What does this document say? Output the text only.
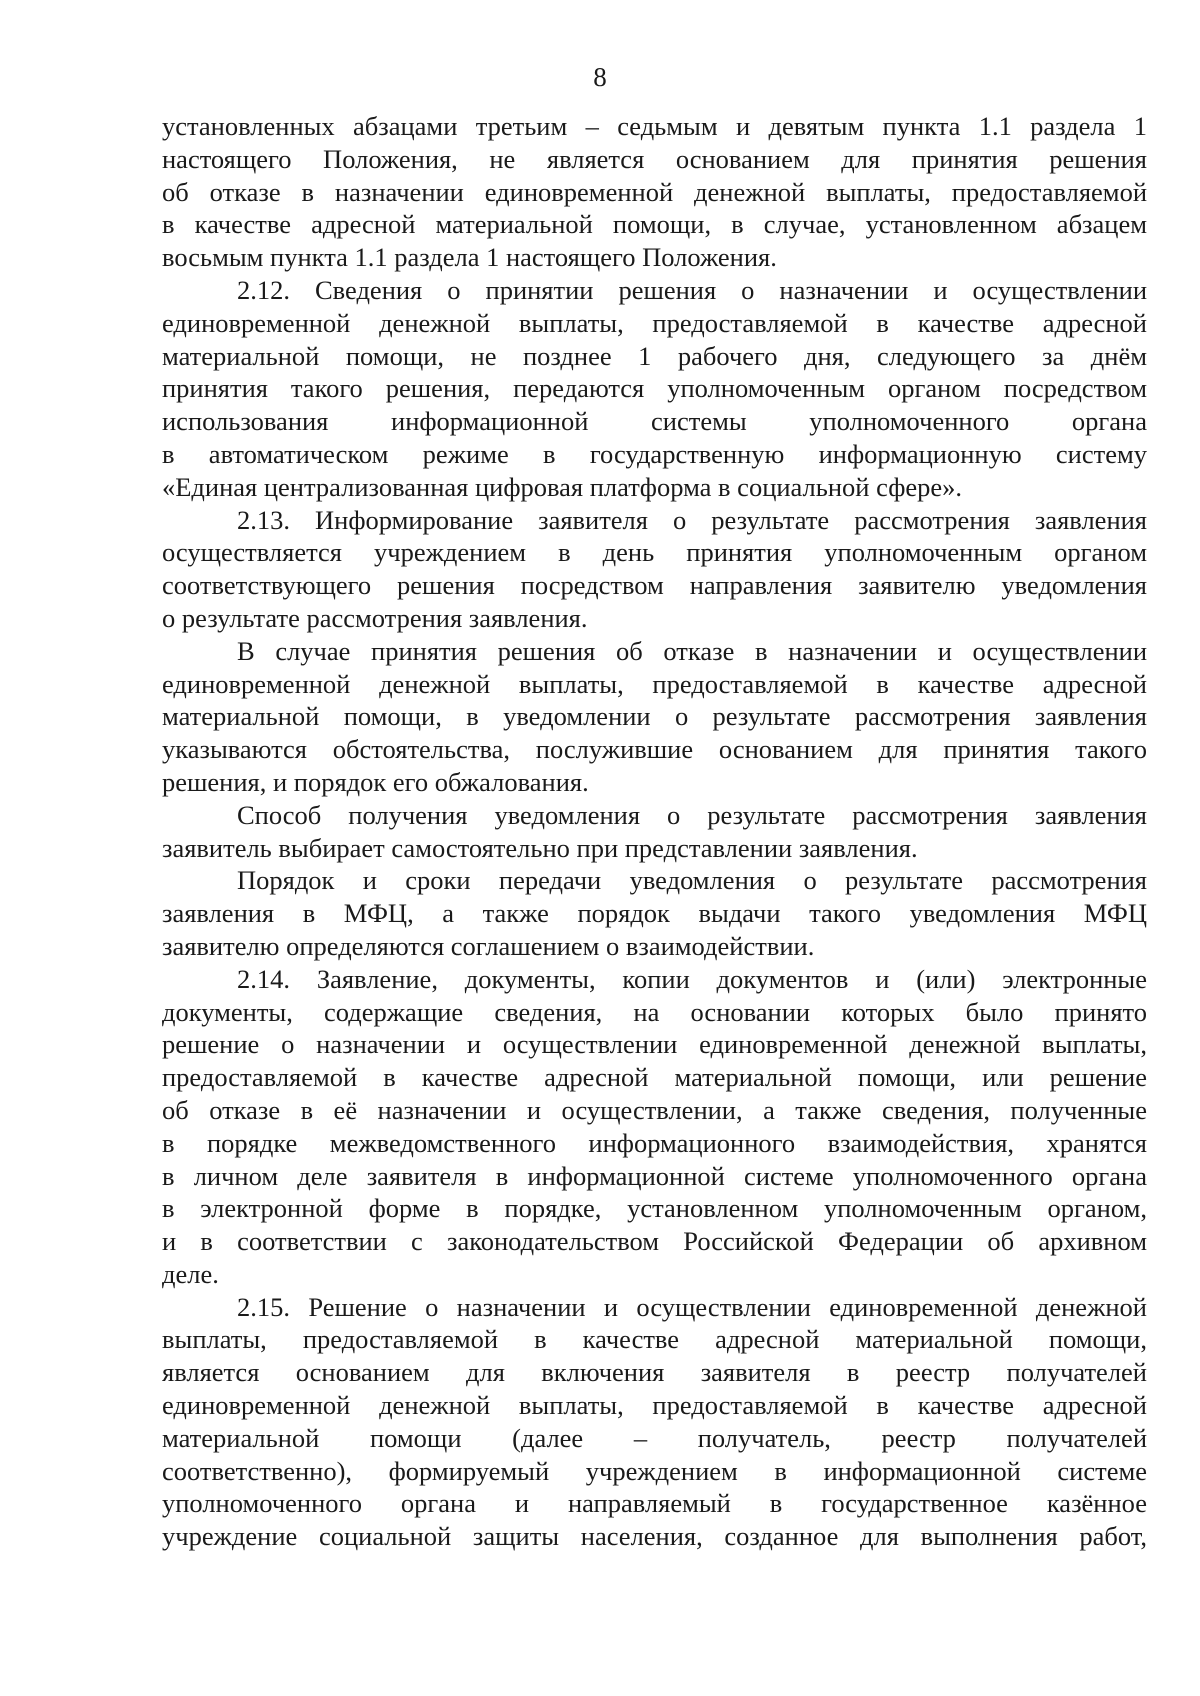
8
установленных абзацами третьим – седьмым и девятым пункта 1.1 раздела 1
настоящего Положения, не является основанием для принятия решения
об отказе в назначении единовременной денежной выплаты, предоставляемой
в качестве адресной материальной помощи, в случае, установленном абзацем
восьмым пункта 1.1 раздела 1 настоящего Положения.
2.12. Сведения о принятии решения о назначении и осуществлении
единовременной денежной выплаты, предоставляемой в качестве адресной
материальной помощи, не позднее 1 рабочего дня, следующего за днём
принятия такого решения, передаются уполномоченным органом посредством
использования информационной системы уполномоченного органа
в автоматическом режиме в государственную информационную систему
«Единая централизованная цифровая платформа в социальной сфере».
2.13. Информирование заявителя о результате рассмотрения заявления
осуществляется учреждением в день принятия уполномоченным органом
соответствующего решения посредством направления заявителю уведомления
о результате рассмотрения заявления.
В случае принятия решения об отказе в назначении и осуществлении
единовременной денежной выплаты, предоставляемой в качестве адресной
материальной помощи, в уведомлении о результате рассмотрения заявления
указываются обстоятельства, послужившие основанием для принятия такого
решения, и порядок его обжалования.
Способ получения уведомления о результате рассмотрения заявления
заявитель выбирает самостоятельно при представлении заявления.
Порядок и сроки передачи уведомления о результате рассмотрения
заявления в МФЦ, а также порядок выдачи такого уведомления МФЦ
заявителю определяются соглашением о взаимодействии.
2.14. Заявление, документы, копии документов и (или) электронные
документы, содержащие сведения, на основании которых было принято
решение о назначении и осуществлении единовременной денежной выплаты,
предоставляемой в качестве адресной материальной помощи, или решение
об отказе в её назначении и осуществлении, а также сведения, полученные
в порядке межведомственного информационного взаимодействия, хранятся
в личном деле заявителя в информационной системе уполномоченного органа
в электронной форме в порядке, установленном уполномоченным органом,
и в соответствии с законодательством Российской Федерации об архивном
деле.
2.15. Решение о назначении и осуществлении единовременной денежной
выплаты, предоставляемой в качестве адресной материальной помощи,
является основанием для включения заявителя в реестр получателей
единовременной денежной выплаты, предоставляемой в качестве адресной
материальной помощи (далее – получатель, реестр получателей
соответственно), формируемый учреждением в информационной системе
уполномоченного органа и направляемый в государственное казённое
учреждение социальной защиты населения, созданное для выполнения работ,
